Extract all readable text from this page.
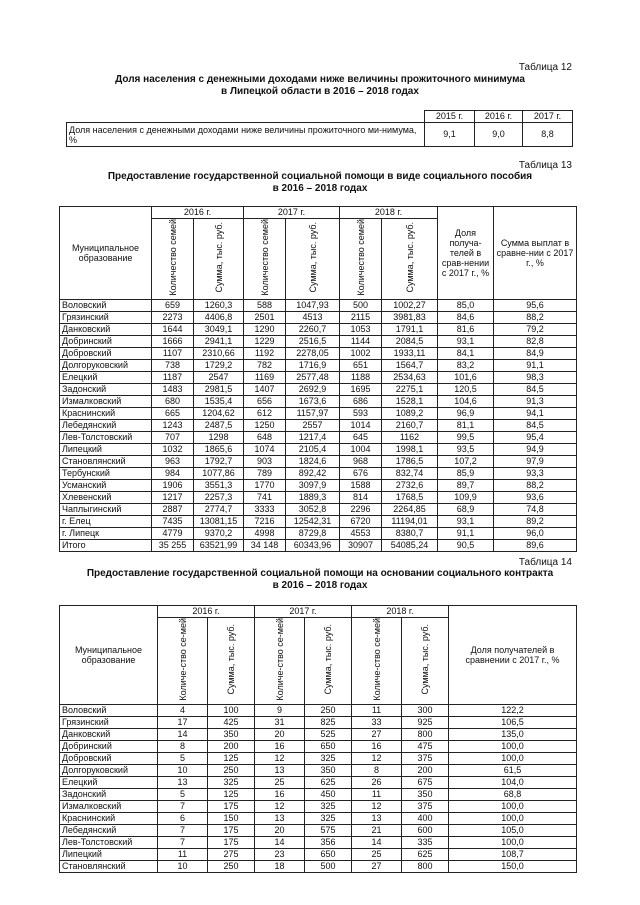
Таблица 12
Доля населения с денежными доходами ниже величины прожиточного минимума
в Липецкой области в 2016 – 2018 годах
	2015 г.	2016 г.	2017 г.
Доля населения с денежными доходами ниже величины прожиточного ми-нимума, %	9,1	9,0	8,8
Таблица 13
Предоставление государственной социальной помощи в виде социального пособия
в 2016 – 2018 годах
Муниципальное образование	2016 г.		2017 г.		2018 г.		Доля получа-телей в срав-нении с 2017 г., %	Сумма выплат в сравне-нии с 2017 г., %
	Количество семей	Сумма, тыс. руб.	Количество семей	Сумма, тыс. руб.	Количество семей	Сумма, тыс. руб.		
Воловский	659	1260,3	588	1047,93	500	1002,27	85,0	95,6
Грязинский	2273	4406,8	2501	4513	2115	3981,83	84,6	88,2
Данковский	1644	3049,1	1290	2260,7	1053	1791,1	81,6	79,2
Добринский	1666	2941,1	1229	2516,5	1144	2084,5	93,1	82,8
Добровский	1107	2310,66	1192	2278,05	1002	1933,11	84,1	84,9
Долгоруковский	738	1729,2	782	1716,9	651	1564,7	83,2	91,1
Елецкий	1187	2547	1169	2577,48	1188	2534,63	101,6	98,3
Задонский	1483	2981,5	1407	2692,9	1695	2275,1	120,5	84,5
Измалковский	680	1535,4	656	1673,6	686	1528,1	104,6	91,3
Краснинский	665	1204,62	612	1157,97	593	1089,2	96,9	94,1
Лебедянский	1243	2487,5	1250	2557	1014	2160,7	81,1	84,5
Лев-Толстовский	707	1298	648	1217,4	645	1162	99,5	95,4
Липецкий	1032	1865,6	1074	2105,4	1004	1998,1	93,5	94,9
Становлянский	963	1792,7	903	1824,6	968	1786,5	107,2	97,9
Тербунский	984	1077,86	789	892,42	676	832,74	85,9	93,3
Усманский	1906	3551,3	1770	3097,9	1588	2732,6	89,7	88,2
Хлевенский	1217	2257,3	741	1889,3	814	1768,5	109,9	93,6
Чаплыгинский	2887	2774,7	3333	3052,8	2296	2264,85	68,9	74,8
г. Елец	7435	13081,15	7216	12542,31	6720	11194,01	93,1	89,2
г. Липецк	4779	9370,2	4998	8729,8	4553	8380,7	91,1	96,0
Итого	35 255	63521,99	34 148	60343,96	30907	54085,24	90,5	89,6
Таблица 14
Предоставление государственной социальной помощи на основании социального контракта
в 2016 – 2018 годах
Муниципальное образование	2016 г.		2017 г.		2018 г.		Доля получателей в сравнении с 2017 г., %
	Количе-ство се-мей	Сумма, тыс. руб.	Количе-ство се-мей	Сумма, тыс. руб.	Количе-ство се-мей	Сумма, тыс. руб.	
Воловский	4	100	9	250	11	300	122,2
Грязинский	17	425	31	825	33	925	106,5
Данковский	14	350	20	525	27	800	135,0
Добринский	8	200	16	650	16	475	100,0
Добровский	5	125	12	325	12	375	100,0
Долгоруковский	10	250	13	350	8	200	61,5
Елецкий	13	325	25	625	26	675	104,0
Задонский	5	125	16	450	11	350	68,8
Измалковский	7	175	12	325	12	375	100,0
Краснинский	6	150	13	325	13	400	100,0
Лебедянский	7	175	20	575	21	600	105,0
Лев-Толстовский	7	175	14	356	14	335	100,0
Липецкий	11	275	23	650	25	625	108,7
Становлянский	10	250	18	500	27	800	150,0
